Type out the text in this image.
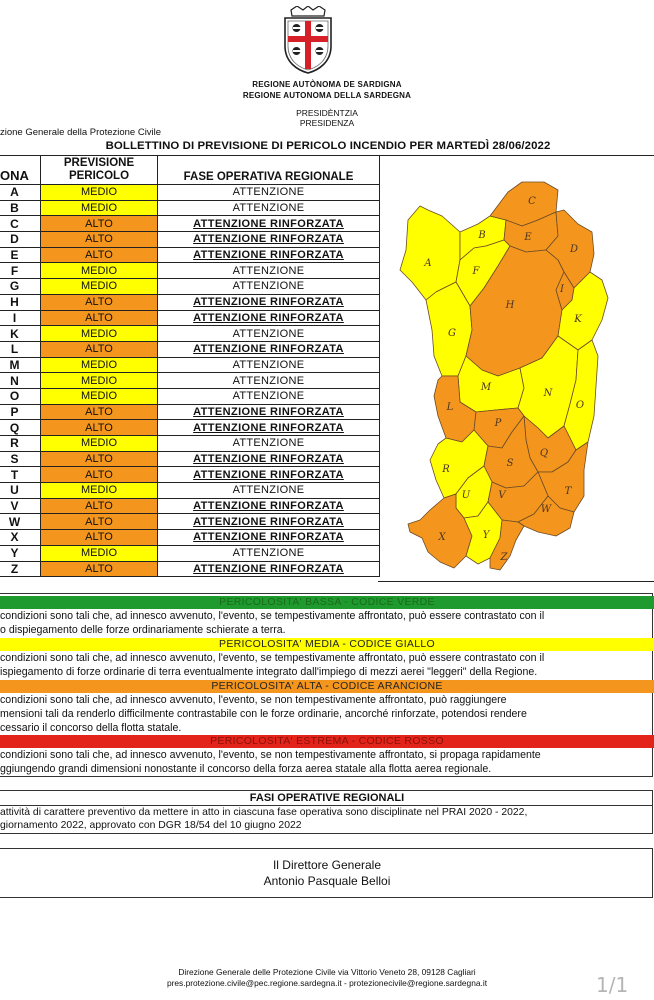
REGIONE AUTÒNOMA DE SARDIGNA
REGIONE AUTONOMA DELLA SARDEGNA
PRESIDÈNTZIA
PRESIDENZA
zione Generale della Protezione Civile
BOLLETTINO DI PREVISIONE DI PERICOLO INCENDIO PER MARTEDÌ 28/06/2022
ONA	PREVISIONE
PERICOLO	FASE OPERATIVA REGIONALE
A	MEDIO	ATTENZIONE
B	MEDIO	ATTENZIONE
C	ALTO	ATTENZIONE RINFORZATA
D	ALTO	ATTENZIONE RINFORZATA
E	ALTO	ATTENZIONE RINFORZATA
F	MEDIO	ATTENZIONE
G	MEDIO	ATTENZIONE
H	ALTO	ATTENZIONE RINFORZATA
I	ALTO	ATTENZIONE RINFORZATA
K	MEDIO	ATTENZIONE
L	ALTO	ATTENZIONE RINFORZATA
M	MEDIO	ATTENZIONE
N	MEDIO	ATTENZIONE
O	MEDIO	ATTENZIONE
P	ALTO	ATTENZIONE RINFORZATA
Q	ALTO	ATTENZIONE RINFORZATA
R	MEDIO	ATTENZIONE
S	ALTO	ATTENZIONE RINFORZATA
T	ALTO	ATTENZIONE RINFORZATA
U	MEDIO	ATTENZIONE
V	ALTO	ATTENZIONE RINFORZATA
W	ALTO	ATTENZIONE RINFORZATA
X	ALTO	ATTENZIONE RINFORZATA
Y	MEDIO	ATTENZIONE
Z	ALTO	ATTENZIONE RINFORZATA
A
B
C
D
E
F
G
H
I
K
L
M
N
O
P
Q
R
S
T
U	V
W
X	Y
Z
PERICOLOSITA' BASSA - CODICE VERDE
condizioni sono tali che, ad innesco avvenuto, l'evento, se tempestivamente affrontato, può essere contrastato con il
o dispiegamento delle forze ordinariamente schierate a terra.
PERICOLOSITA' MEDIA - CODICE GIALLO
condizioni sono tali che, ad innesco avvenuto, l'evento, se tempestivamente affrontato, può essere contrastato con il
ispiegamento di forze ordinarie di terra eventualmente integrato dall'impiego di mezzi aerei "leggeri" della Regione.
PERICOLOSITA' ALTA - CODICE ARANCIONE
condizioni sono tali che, ad innesco avvenuto, l'evento, se non tempestivamente affrontato, può raggiungere
mensioni tali da renderlo difficilmente contrastabile con le forze ordinarie, ancorché rinforzate, potendosi rendere
cessario il concorso della flotta statale.
PERICOLOSITA' ESTREMA - CODICE ROSSO
condizioni sono tali che, ad innesco avvenuto, l'evento, se non tempestivamente affrontato, si propaga rapidamente
ggiungendo grandi dimensioni nonostante il concorso della forza aerea statale alla flotta aerea regionale.
FASI OPERATIVE REGIONALI
attività di carattere preventivo da mettere in atto in ciascuna fase operativa sono disciplinate nel PRAI 2020 - 2022,
giornamento 2022, approvato con DGR 18/54 del 10 giugno 2022
Il Direttore Generale
Antonio Pasquale Belloi
Direzione Generale delle Protezione Civile via Vittorio Veneto 28, 09128 Cagliari
pres.protezione.civile@pec.regione.sardegna.it - protezionecivile@regione.sardegna.it	1/1
